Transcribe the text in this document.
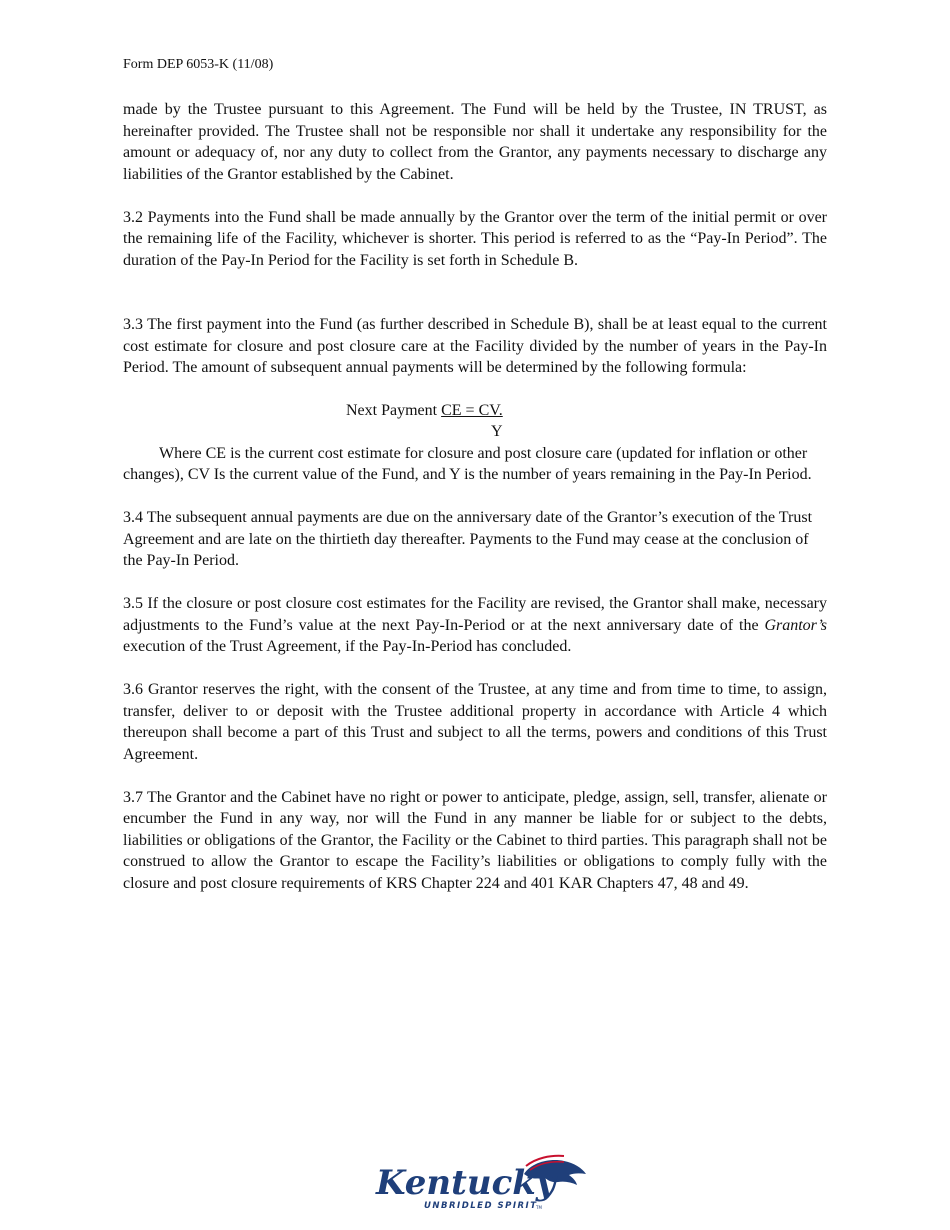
Form DEP 6053-K (11/08)

made by the Trustee pursuant to this Agreement. The Fund will be held by the Trustee, IN TRUST, as hereinafter provided. The Trustee shall not be responsible nor shall it undertake any responsibility for the amount or adequacy of, nor any duty to collect from the Grantor, any payments necessary to discharge any liabilities of the Grantor established by the Cabinet.

3.2 Payments into the Fund shall be made annually by the Grantor over the term of the initial permit or over the remaining life of the Facility, whichever is shorter. This period is referred to as the “Pay-In Period”. The duration of the Pay-In Period for the Facility is set forth in Schedule B.

3.3 The first payment into the Fund (as further described in Schedule B), shall be at least equal to the current cost estimate for closure and post closure care at the Facility divided by the number of years in the Pay-In Period. The amount of subsequent annual payments will be determined by the following formula:

Next Payment CE = CV.
Y

Where CE is the current cost estimate for closure and post closure care (updated for inflation or other changes), CV Is the current value of the Fund, and Y is the number of years remaining in the Pay-In Period.

3.4 The subsequent annual payments are due on the anniversary date of the Grantor’s execution of the Trust Agreement and are late on the thirtieth day thereafter. Payments to the Fund may cease at the conclusion of the Pay-In Period.

3.5 If the closure or post closure cost estimates for the Facility are revised, the Grantor shall make, necessary adjustments to the Fund’s value at the next Pay-In-Period or at the next anniversary date of the Grantor’s execution of the Trust Agreement, if the Pay-In-Period has concluded.

3.6 Grantor reserves the right, with the consent of the Trustee, at any time and from time to time, to assign, transfer, deliver to or deposit with the Trustee additional property in accordance with Article 4 which thereupon shall become a part of this Trust and subject to all the terms, powers and conditions of this Trust Agreement.

3.7 The Grantor and the Cabinet have no right or power to anticipate, pledge, assign, sell, transfer, alienate or encumber the Fund in any way, nor will the Fund in any manner be liable for or subject to the debts, liabilities or obligations of the Grantor, the Facility or the Cabinet to third parties. This paragraph shall not be construed to allow the Grantor to escape the Facility’s liabilities or obligations to comply fully with the closure and post closure requirements of KRS Chapter 224 and 401 KAR Chapters 47, 48 and 49.

Kentucky
UNBRIDLED SPIRIT
TM
